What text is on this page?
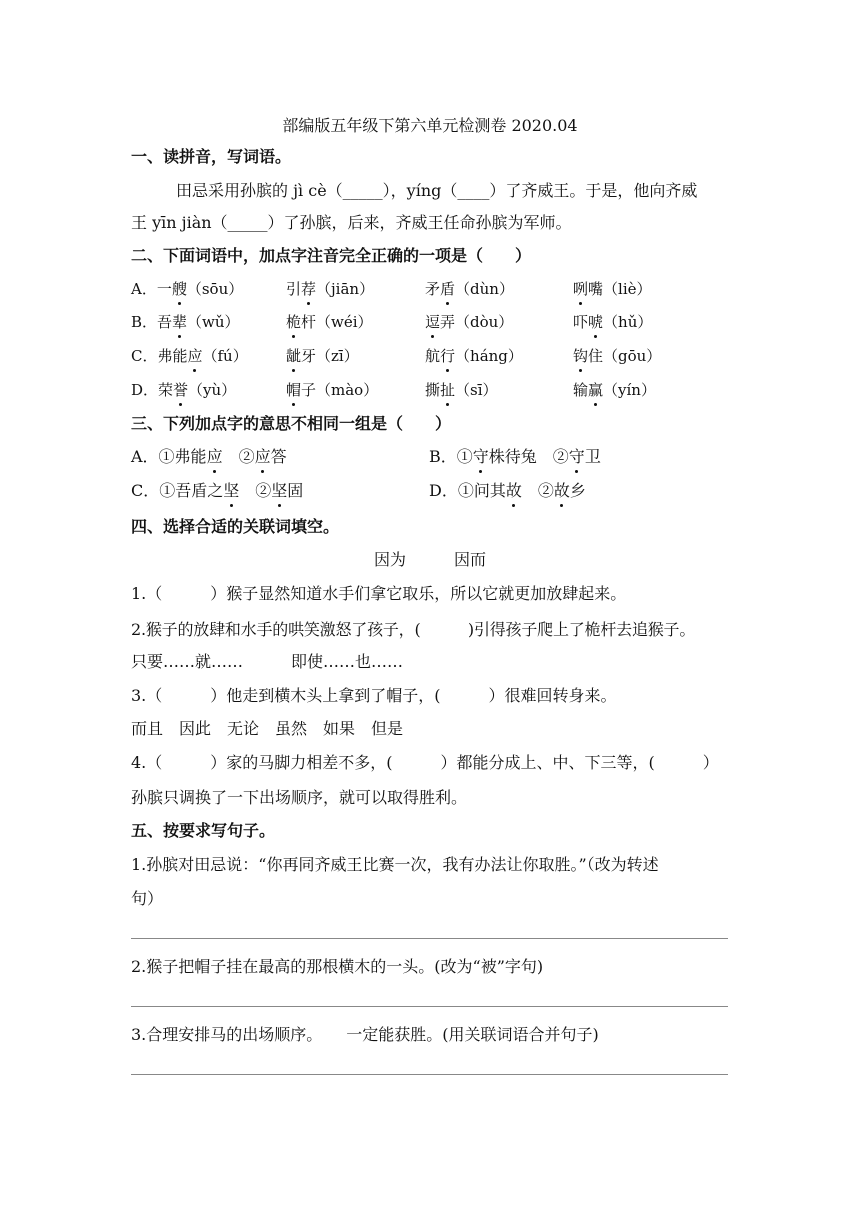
部编版五年级下第六单元检测卷 2020.04
一、读拼音，写词语。
田忌采用孙膑的 jì cè（_____），yíng（____）了齐威王。于是，他向齐威
王 yīn jiàn（_____）了孙膑，后来，齐威王任命孙膑为军师。
二、下面词语中，加点字注音完全正确的一项是（　　）
A．一艘（sōu）	引荐（jiān）	矛盾（dùn）	咧嘴（liè）
B．吾辈（wǔ）	桅杆（wéi）	逗弄（dòu）	吓唬（hǔ）
C．弗能应（fú）	龇牙（zī）	航行（háng）	钩住（gōu）
D．荣誉（yù）	帽子（mào）	撕扯（sī）	输赢（yín）
三、下列加点字的意思不相同一组是（　　）
A．①弗能应　②应答	B．①守株待兔　②守卫
C．①吾盾之坚　②坚固	D．①问其故　②故乡
四、选择合适的关联词填空。
因为　　　因而
1.（　　　）猴子显然知道水手们拿它取乐，所以它就更加放肆起来。
2.猴子的放肆和水手的哄笑激怒了孩子，(　　　)引得孩子爬上了桅杆去追猴子。
只要……就……　　　即使……也……
3.（　　　）他走到横木头上拿到了帽子，(　　　）很难回转身来。
而且　因此　无论　虽然　如果　但是
4.（　　　）家的马脚力相差不多，(　　　）都能分成上、中、下三等，(　　　）
孙膑只调换了一下出场顺序，就可以取得胜利。
五、按要求写句子。
1.孙膑对田忌说：“你再同齐威王比赛一次，我有办法让你取胜。”（改为转述
句）
2.猴子把帽子挂在最高的那根横木的一头。(改为“被”字句)
3.合理安排马的出场顺序。　　一定能获胜。(用关联词语合并句子)
